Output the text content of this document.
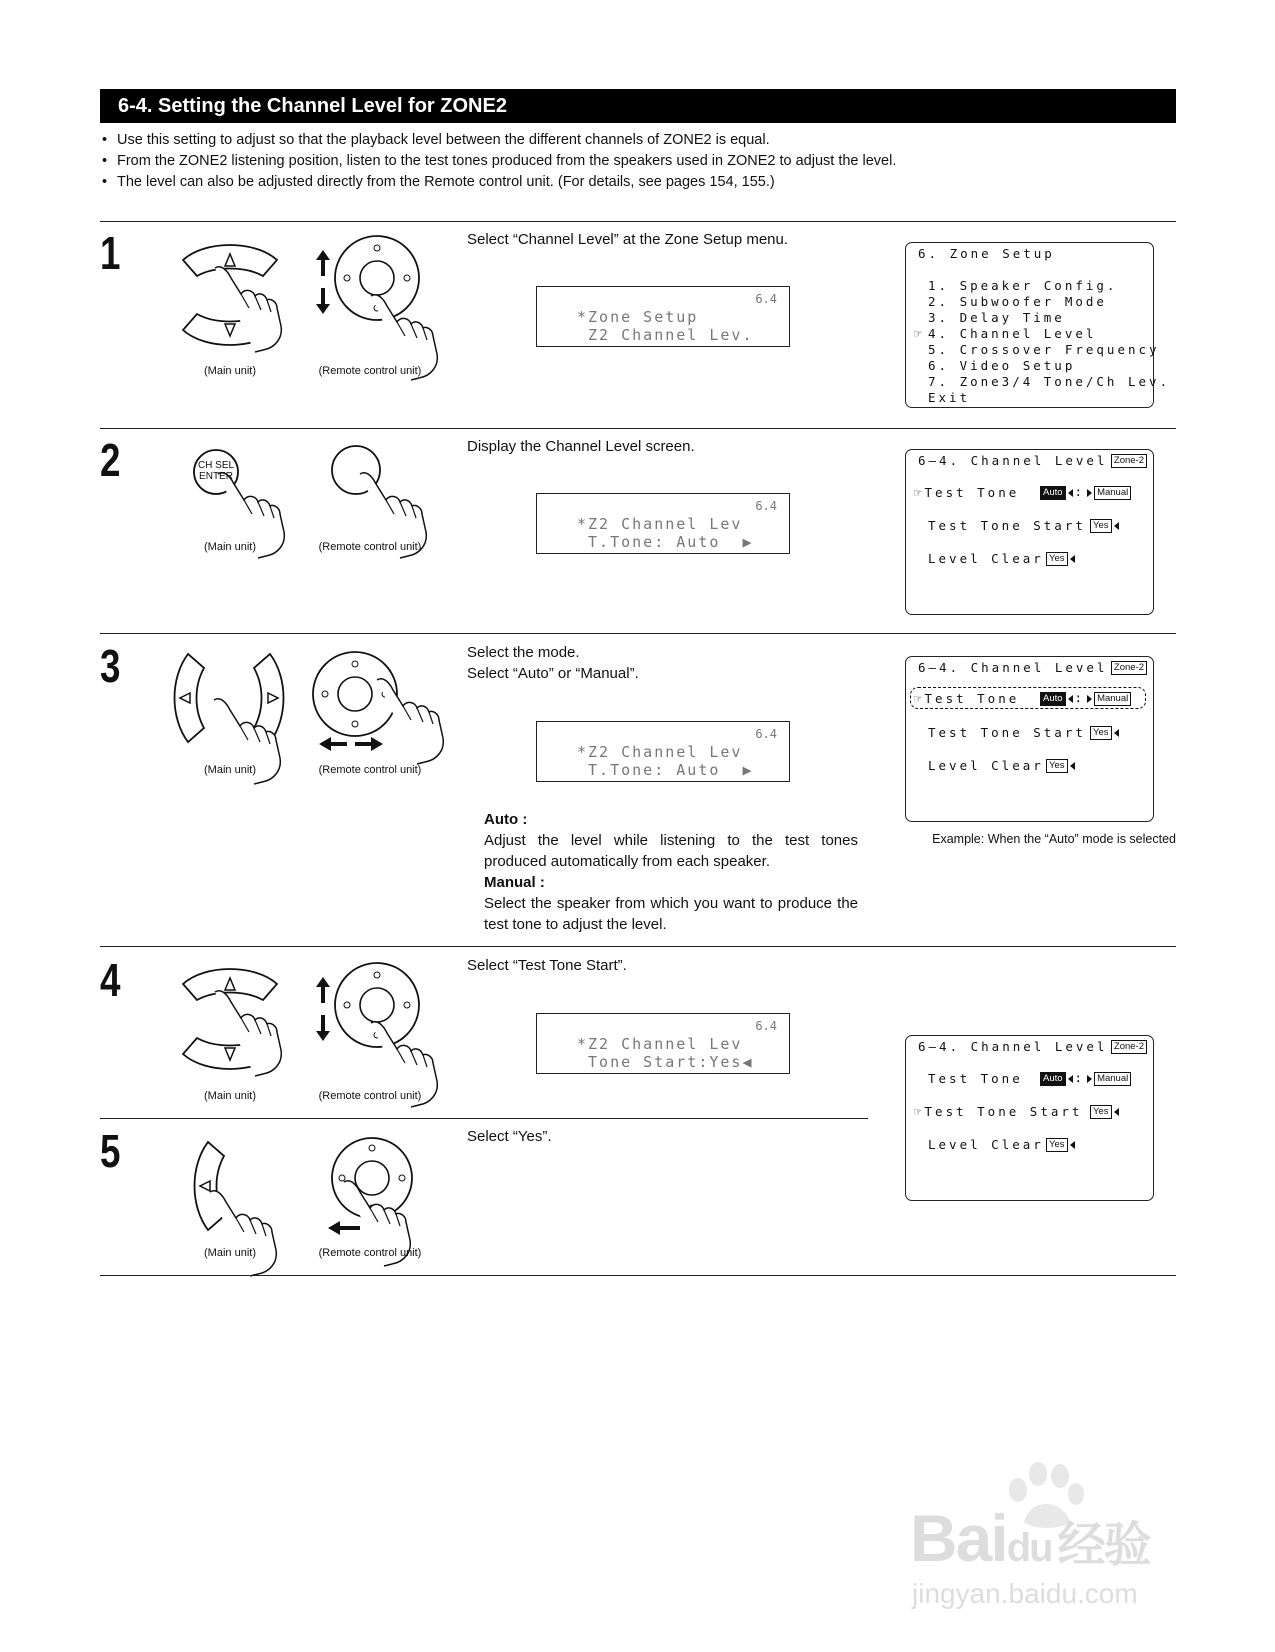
6-4. Setting the Channel Level for ZONE2
• Use this setting to adjust so that the playback level between the different channels of ZONE2 is equal.
• From the ZONE2 listening position, listen to the test tones produced from the speakers used in ZONE2 to adjust the level.
• The level can also be adjusted directly from the Remote control unit. (For details, see pages 154, 155.)
1
2
3
4
5
(Main unit)	(Remote control unit)
CH SEL
ENTER
(Main unit)	(Remote control unit)
(Main unit)	(Remote control unit)
(Main unit)	(Remote control unit)
(Main unit)	(Remote control unit)
Select “Channel Level” at the Zone Setup menu.
Display the Channel Level screen.
Select the mode.
Select “Auto” or “Manual”.
Select “Test Tone Start”.
Select “Yes”.
6.4
*Zone Setup
Z2 Channel Lev.
6.4
*Z2 Channel Lev
T.Tone: Auto  ▶
6.4
*Z2 Channel Lev
T.Tone: Auto  ▶
6.4
*Z2 Channel Lev
Tone Start:Yes◀
Auto :
Adjust the level while listening to the test tones produced automatically from each speaker.
Manual :
Select the speaker from which you want to produce the test tone to adjust the level.
6. Zone Setup
1. Speaker Config.
2. Subwoofer Mode
3. Delay Time
☞ 4. Channel Level
5. Crossover Frequency
6. Video Setup
7. Zone3/4 Tone/Ch Lev.
Exit
6—4. Channel Level Zone-2
☞Test Tone	Auto : Manual
Test Tone Start Yes
Level Clear Yes
6—4. Channel Level Zone-2
☞Test Tone	Auto : Manual
Test Tone Start Yes
Level Clear Yes
Example: When the “Auto” mode is selected
6—4. Channel Level Zone-2
Test Tone	Auto : Manual
☞Test Tone Start	Yes
Level Clear Yes
Baidu 经验
jingyan.baidu.com
